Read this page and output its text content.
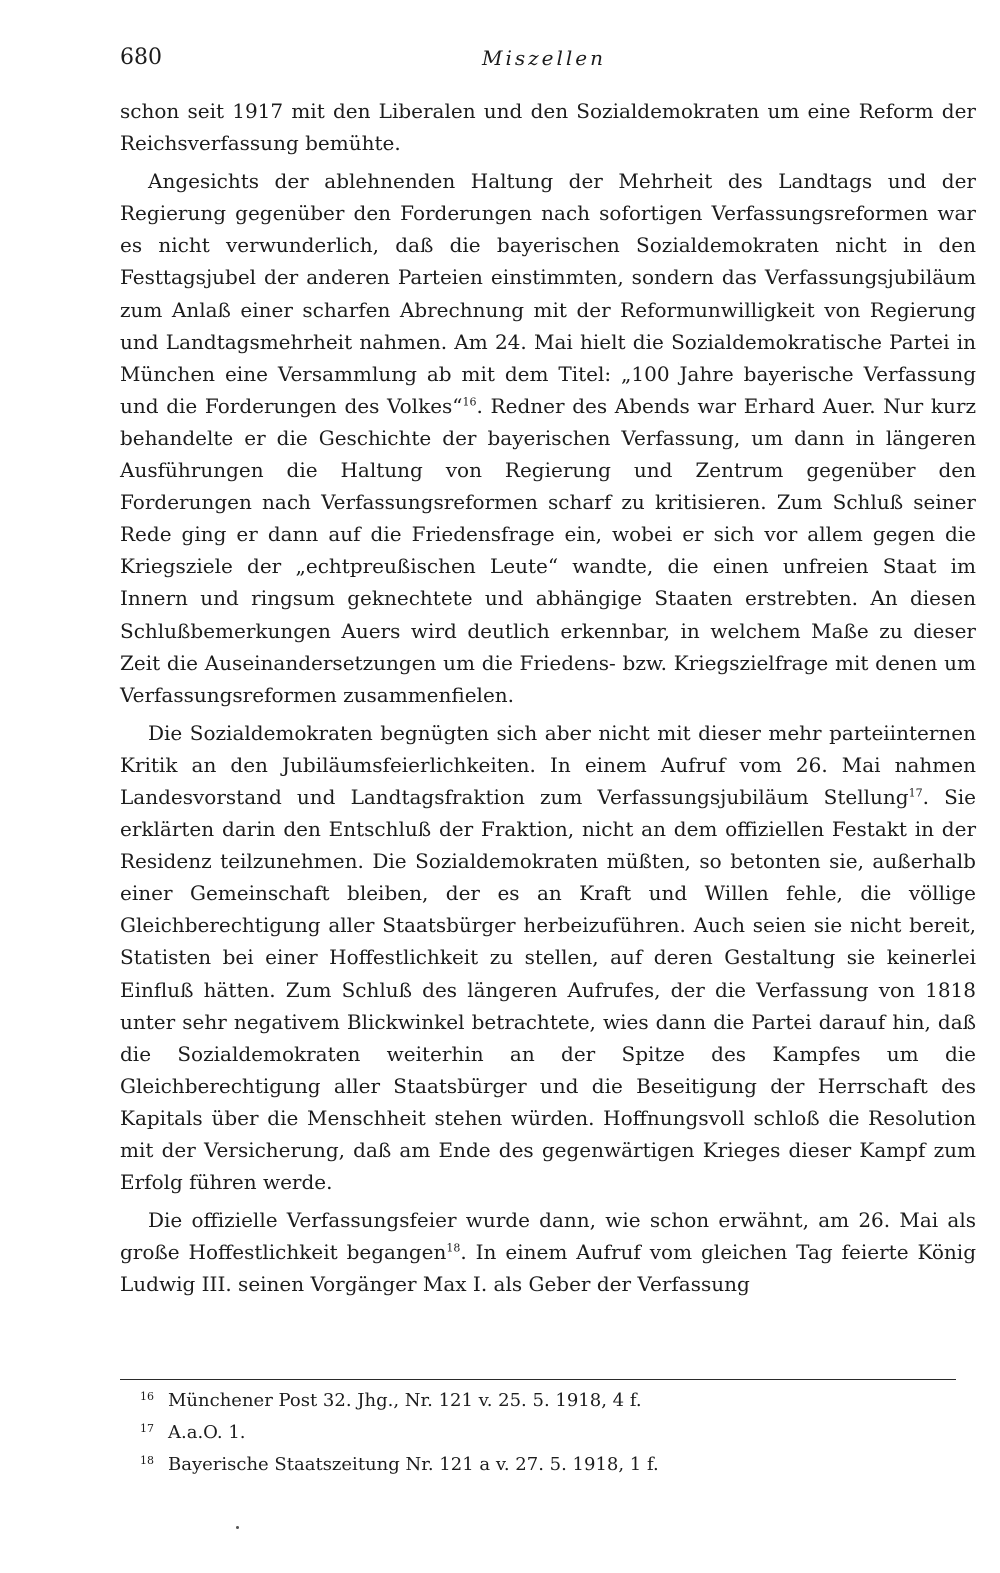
680	Miszellen

schon seit 1917 mit den Liberalen und den Sozialdemokraten um eine Reform der Reichsverfassung bemühte.

Angesichts der ablehnenden Haltung der Mehrheit des Landtags und der Regierung gegenüber den Forderungen nach sofortigen Verfassungsreformen war es nicht verwunderlich, daß die bayerischen Sozialdemokraten nicht in den Festtagsjubel der anderen Parteien einstimmten, sondern das Verfassungsjubiläum zum Anlaß einer scharfen Abrechnung mit der Reformunwilligkeit von Regierung und Landtagsmehrheit nahmen. Am 24. Mai hielt die Sozialdemokratische Partei in München eine Versammlung ab mit dem Titel: „100 Jahre bayerische Verfassung und die Forderungen des Volkes“$^{16}$. Redner des Abends war Erhard Auer. Nur kurz behandelte er die Geschichte der bayerischen Verfassung, um dann in längeren Ausführungen die Haltung von Regierung und Zentrum gegenüber den Forderungen nach Verfassungsreformen scharf zu kritisieren. Zum Schluß seiner Rede ging er dann auf die Friedensfrage ein, wobei er sich vor allem gegen die Kriegsziele der „echtpreußischen Leute“ wandte, die einen unfreien Staat im Innern und ringsum geknechtete und abhängige Staaten erstrebten. An diesen Schlußbemerkungen Auers wird deutlich erkennbar, in welchem Maße zu dieser Zeit die Auseinandersetzungen um die Friedens- bzw. Kriegszielfrage mit denen um Verfassungsreformen zusammenfielen.

Die Sozialdemokraten begnügten sich aber nicht mit dieser mehr parteiinternen Kritik an den Jubiläumsfeierlichkeiten. In einem Aufruf vom 26. Mai nahmen Landesvorstand und Landtagsfraktion zum Verfassungsjubiläum Stellung$^{17}$. Sie erklärten darin den Entschluß der Fraktion, nicht an dem offiziellen Festakt in der Residenz teilzunehmen. Die Sozialdemokraten müßten, so betonten sie, außerhalb einer Gemeinschaft bleiben, der es an Kraft und Willen fehle, die völlige Gleichberechtigung aller Staatsbürger herbeizuführen. Auch seien sie nicht bereit, Statisten bei einer Hoffestlichkeit zu stellen, auf deren Gestaltung sie keinerlei Einfluß hätten. Zum Schluß des längeren Aufrufes, der die Verfassung von 1818 unter sehr negativem Blickwinkel betrachtete, wies dann die Partei darauf hin, daß die Sozialdemokraten weiterhin an der Spitze des Kampfes um die Gleichberechtigung aller Staatsbürger und die Beseitigung der Herrschaft des Kapitals über die Menschheit stehen würden. Hoffnungsvoll schloß die Resolution mit der Versicherung, daß am Ende des gegenwärtigen Krieges dieser Kampf zum Erfolg führen werde.

Die offizielle Verfassungsfeier wurde dann, wie schon erwähnt, am 26. Mai als große Hoffestlichkeit begangen$^{18}$. In einem Aufruf vom gleichen Tag feierte König Ludwig III. seinen Vorgänger Max I. als Geber der Verfassung

16 Münchener Post 32. Jhg., Nr. 121 v. 25. 5. 1918, 4 f.
17 A.a.O. 1.
18 Bayerische Staatszeitung Nr. 121 a v. 27. 5. 1918, 1 f.
